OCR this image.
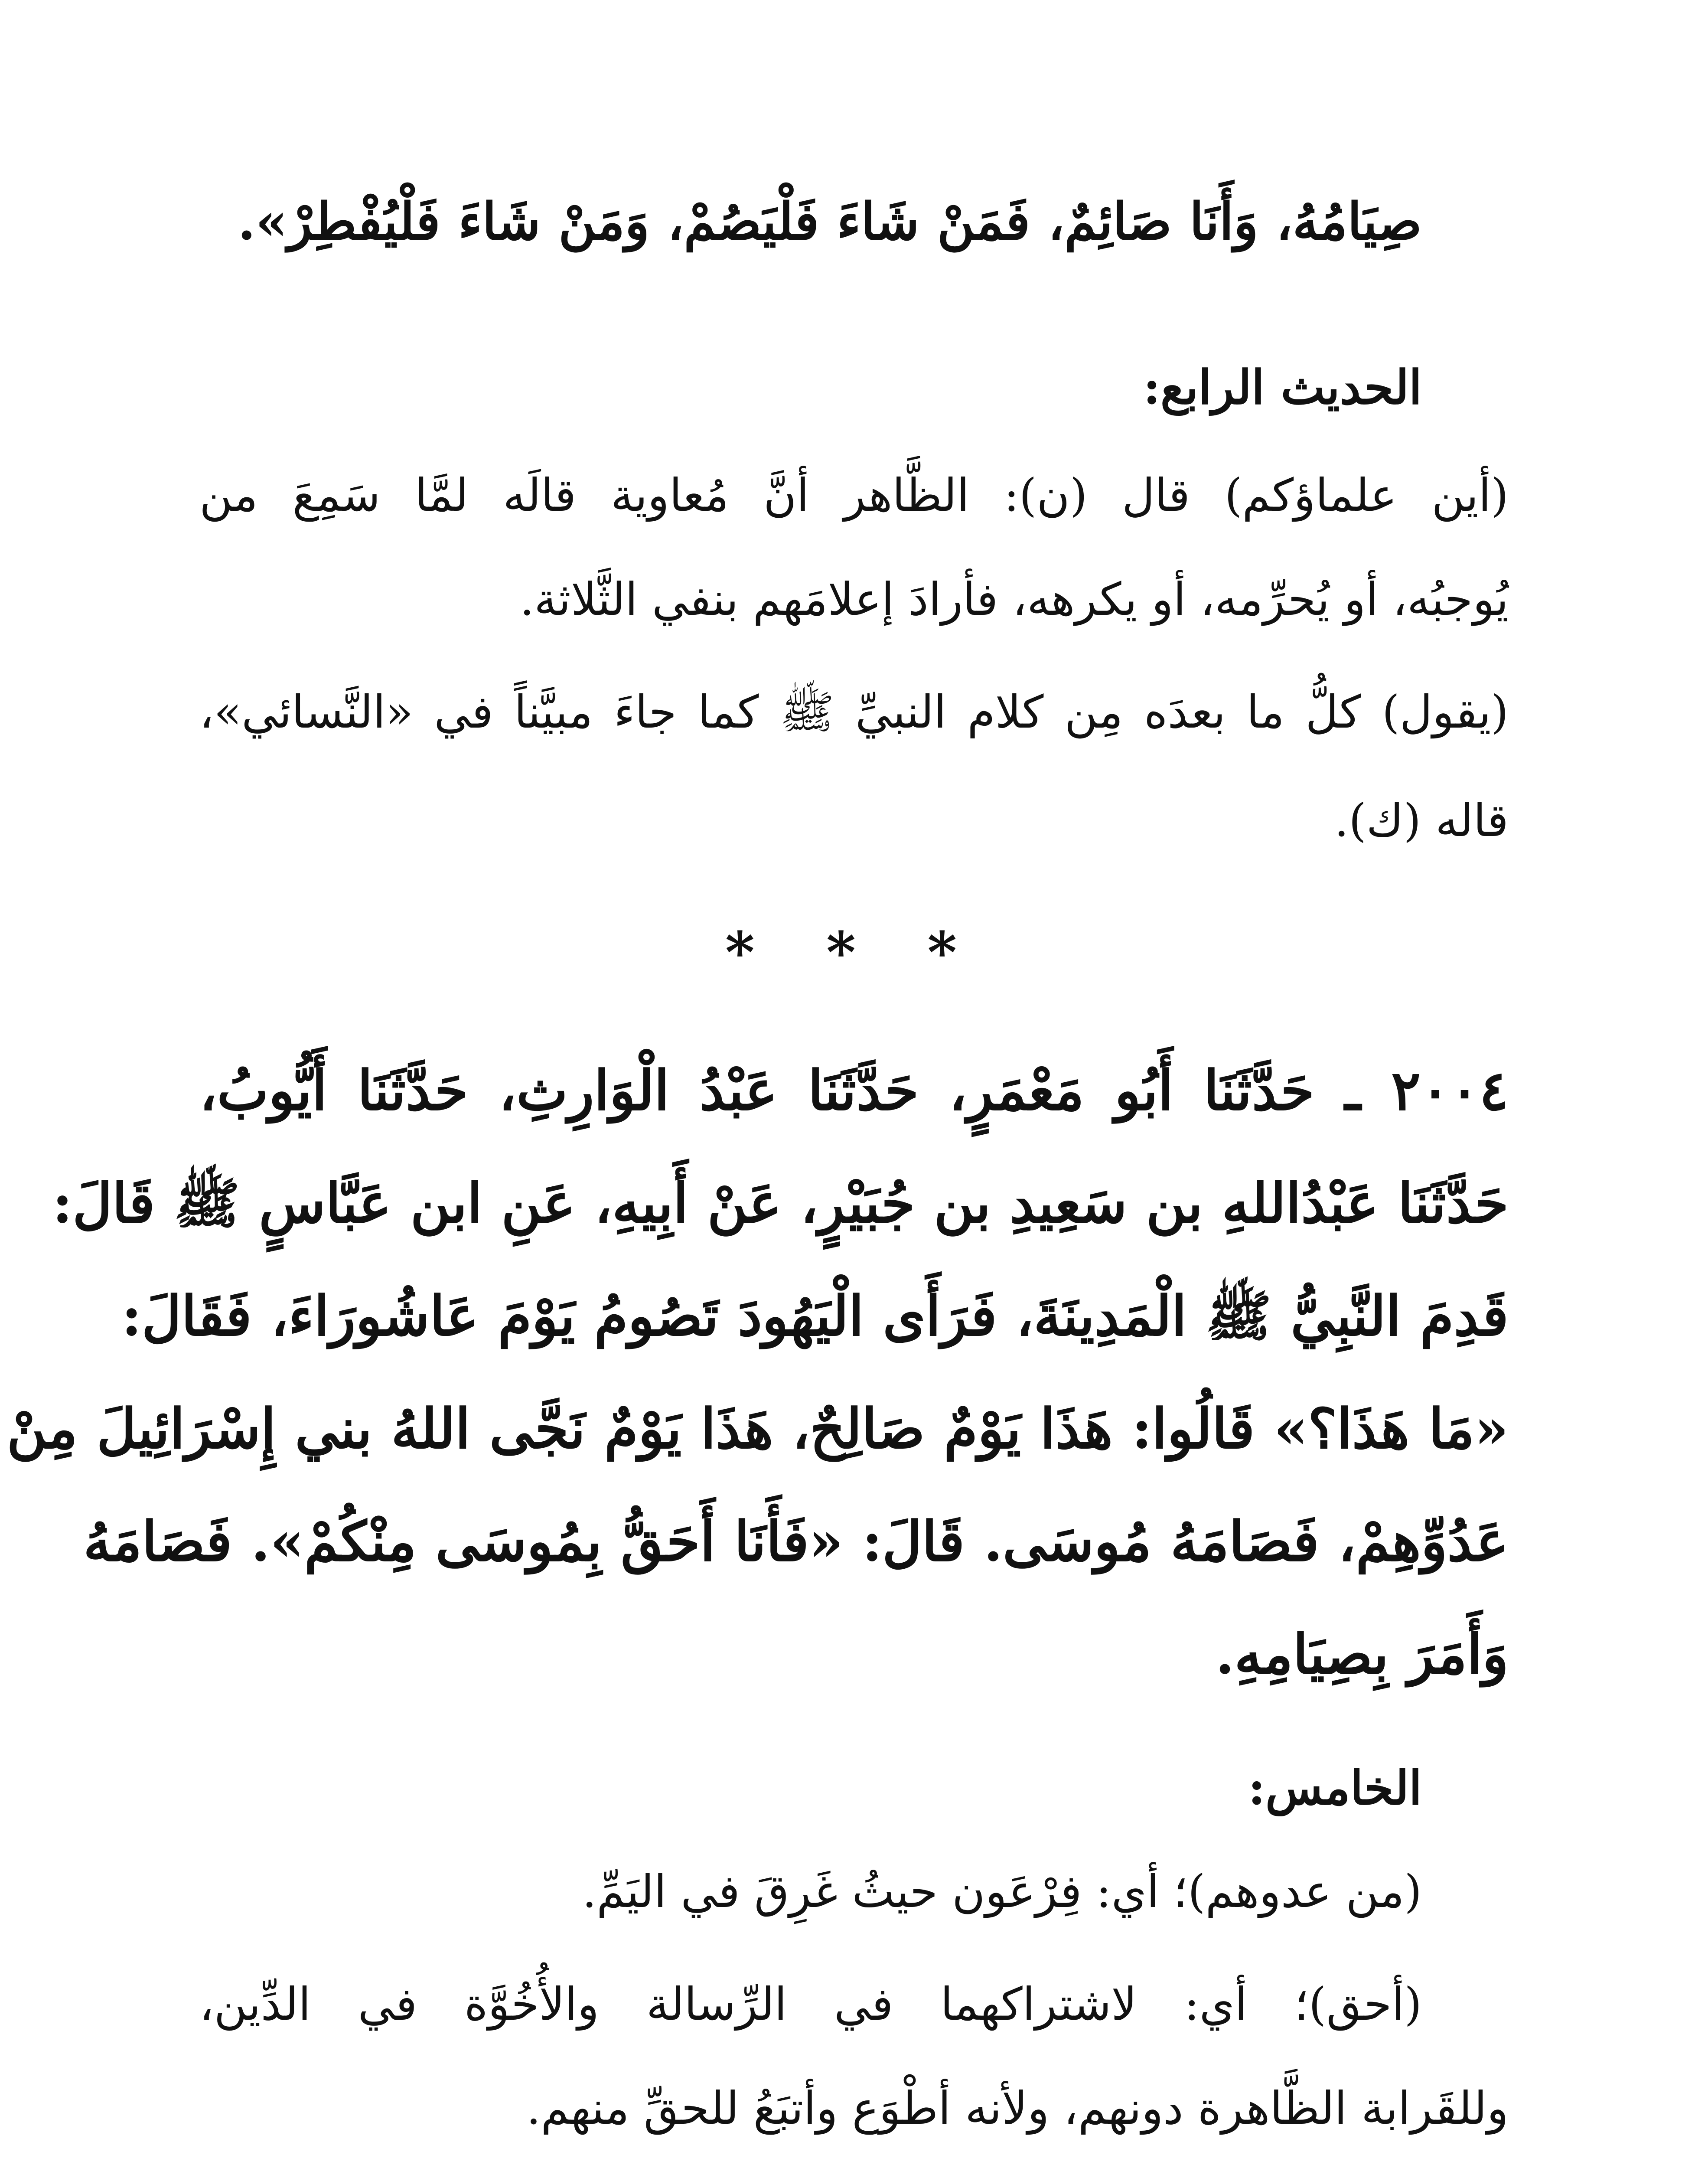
صِيَامُهُ، وَأَنَا صَائِمٌ، فَمَنْ شَاءَ فَلْيَصُمْ، وَمَنْ شَاءَ فَلْيُفْطِرْ».
الحديث الرابع:
(أين علماؤكم) قال (ن): الظَّاهر أنَّ مُعاوية قالَه لمَّا سَمِعَ من
يُوجبُه، أو يُحرِّمه، أو يكرهه، فأرادَ إعلامَهم بنفي الثَّلاثة.
(يقول) كلُّ ما بعدَه مِن كلام النبيِّ ﷺ كما جاءَ مبيَّناً في «النَّسائي»،
قاله (ك).
٢٠٠٤ ـ حَدَّثَنَا أَبُو مَعْمَرٍ، حَدَّثَنَا عَبْدُ الْوَارِثِ، حَدَّثَنَا أَيُّوبُ،
حَدَّثَنَا عَبْدُاللهِ بن سَعِيدِ بن جُبَيْرٍ، عَنْ أَبِيهِ، عَنِ ابن عَبَّاسٍ ﷺ قَالَ:
قَدِمَ النَّبِيُّ ﷺ الْمَدِينَةَ، فَرَأَى الْيَهُودَ تَصُومُ يَوْمَ عَاشُورَاءَ، فَقَالَ:
«مَا هَذَا؟» قَالُوا: هَذَا يَوْمٌ صَالِحٌ، هَذَا يَوْمٌ نَجَّى اللهُ بني إِسْرَائِيلَ مِنْ
عَدُوِّهِمْ، فَصَامَهُ مُوسَى. قَالَ: «فَأَنَا أَحَقُّ بِمُوسَى مِنْكُمْ». فَصَامَهُ
وَأَمَرَ بِصِيَامِهِ.
الخامس:
(من عدوهم)؛ أي: فِرْعَون حيثُ غَرِقَ في اليَمِّ.
(أحق)؛ أي: لاشتراكهما في الرِّسالة والأُخُوَّة في الدِّين،
وللقَرابة الظَّاهرة دونهم، ولأنه أطْوَع وأتبَعُ للحقِّ منهم.
* * *
